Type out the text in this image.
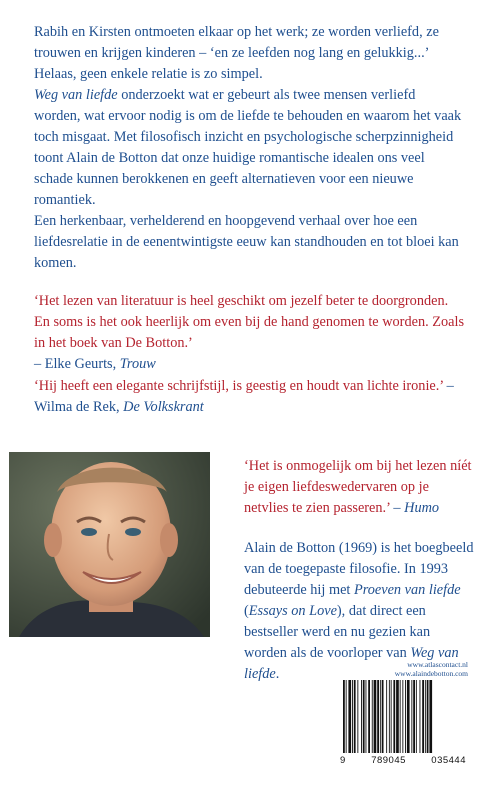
Rabih en Kirsten ontmoeten elkaar op het werk; ze worden verliefd, ze trouwen en krijgen kinderen – ‘en ze leefden nog lang en gelukkig...’ Helaas, geen enkele relatie is zo simpel.

Weg van liefde onderzoekt wat er gebeurt als twee mensen verliefd worden, wat ervoor nodig is om de liefde te behouden en waarom het vaak toch misgaat. Met filosofisch inzicht en psychologische scherpzinnigheid toont Alain de Botton dat onze huidige romantische idealen ons veel schade kunnen berokkenen en geeft alternatieven voor een nieuwe romantiek.

Een herkenbaar, verhelderend en hoopgevend verhaal over hoe een liefdesrelatie in de eenentwintigste eeuw kan standhouden en tot bloei kan komen.

‘Het lezen van literatuur is heel geschikt om jezelf beter te doorgronden. En soms is het ook heerlijk om even bij de hand genomen te worden. Zoals in het boek van De Botton.’

– Elke Geurts, Trouw

‘Hij heeft een elegante schrijfstijl, is geestig en houdt van lichte ironie.’ – Wilma de Rek, De Volkskrant
‘Het is onmogelijk om bij het lezen níét je eigen liefdeswedervaren op je netvlies te zien passeren.’ – Humo
Alain de Botton (1969) is het boegbeeld van de toegepaste filosofie. In 1993 debuteerde hij met Proeven van liefde (Essays on Love), dat direct een bestseller werd en nu gezien kan worden als de voorloper van Weg van liefde.
www.atlascontact.nl
www.alaindebotton.com
9	789045	035444
